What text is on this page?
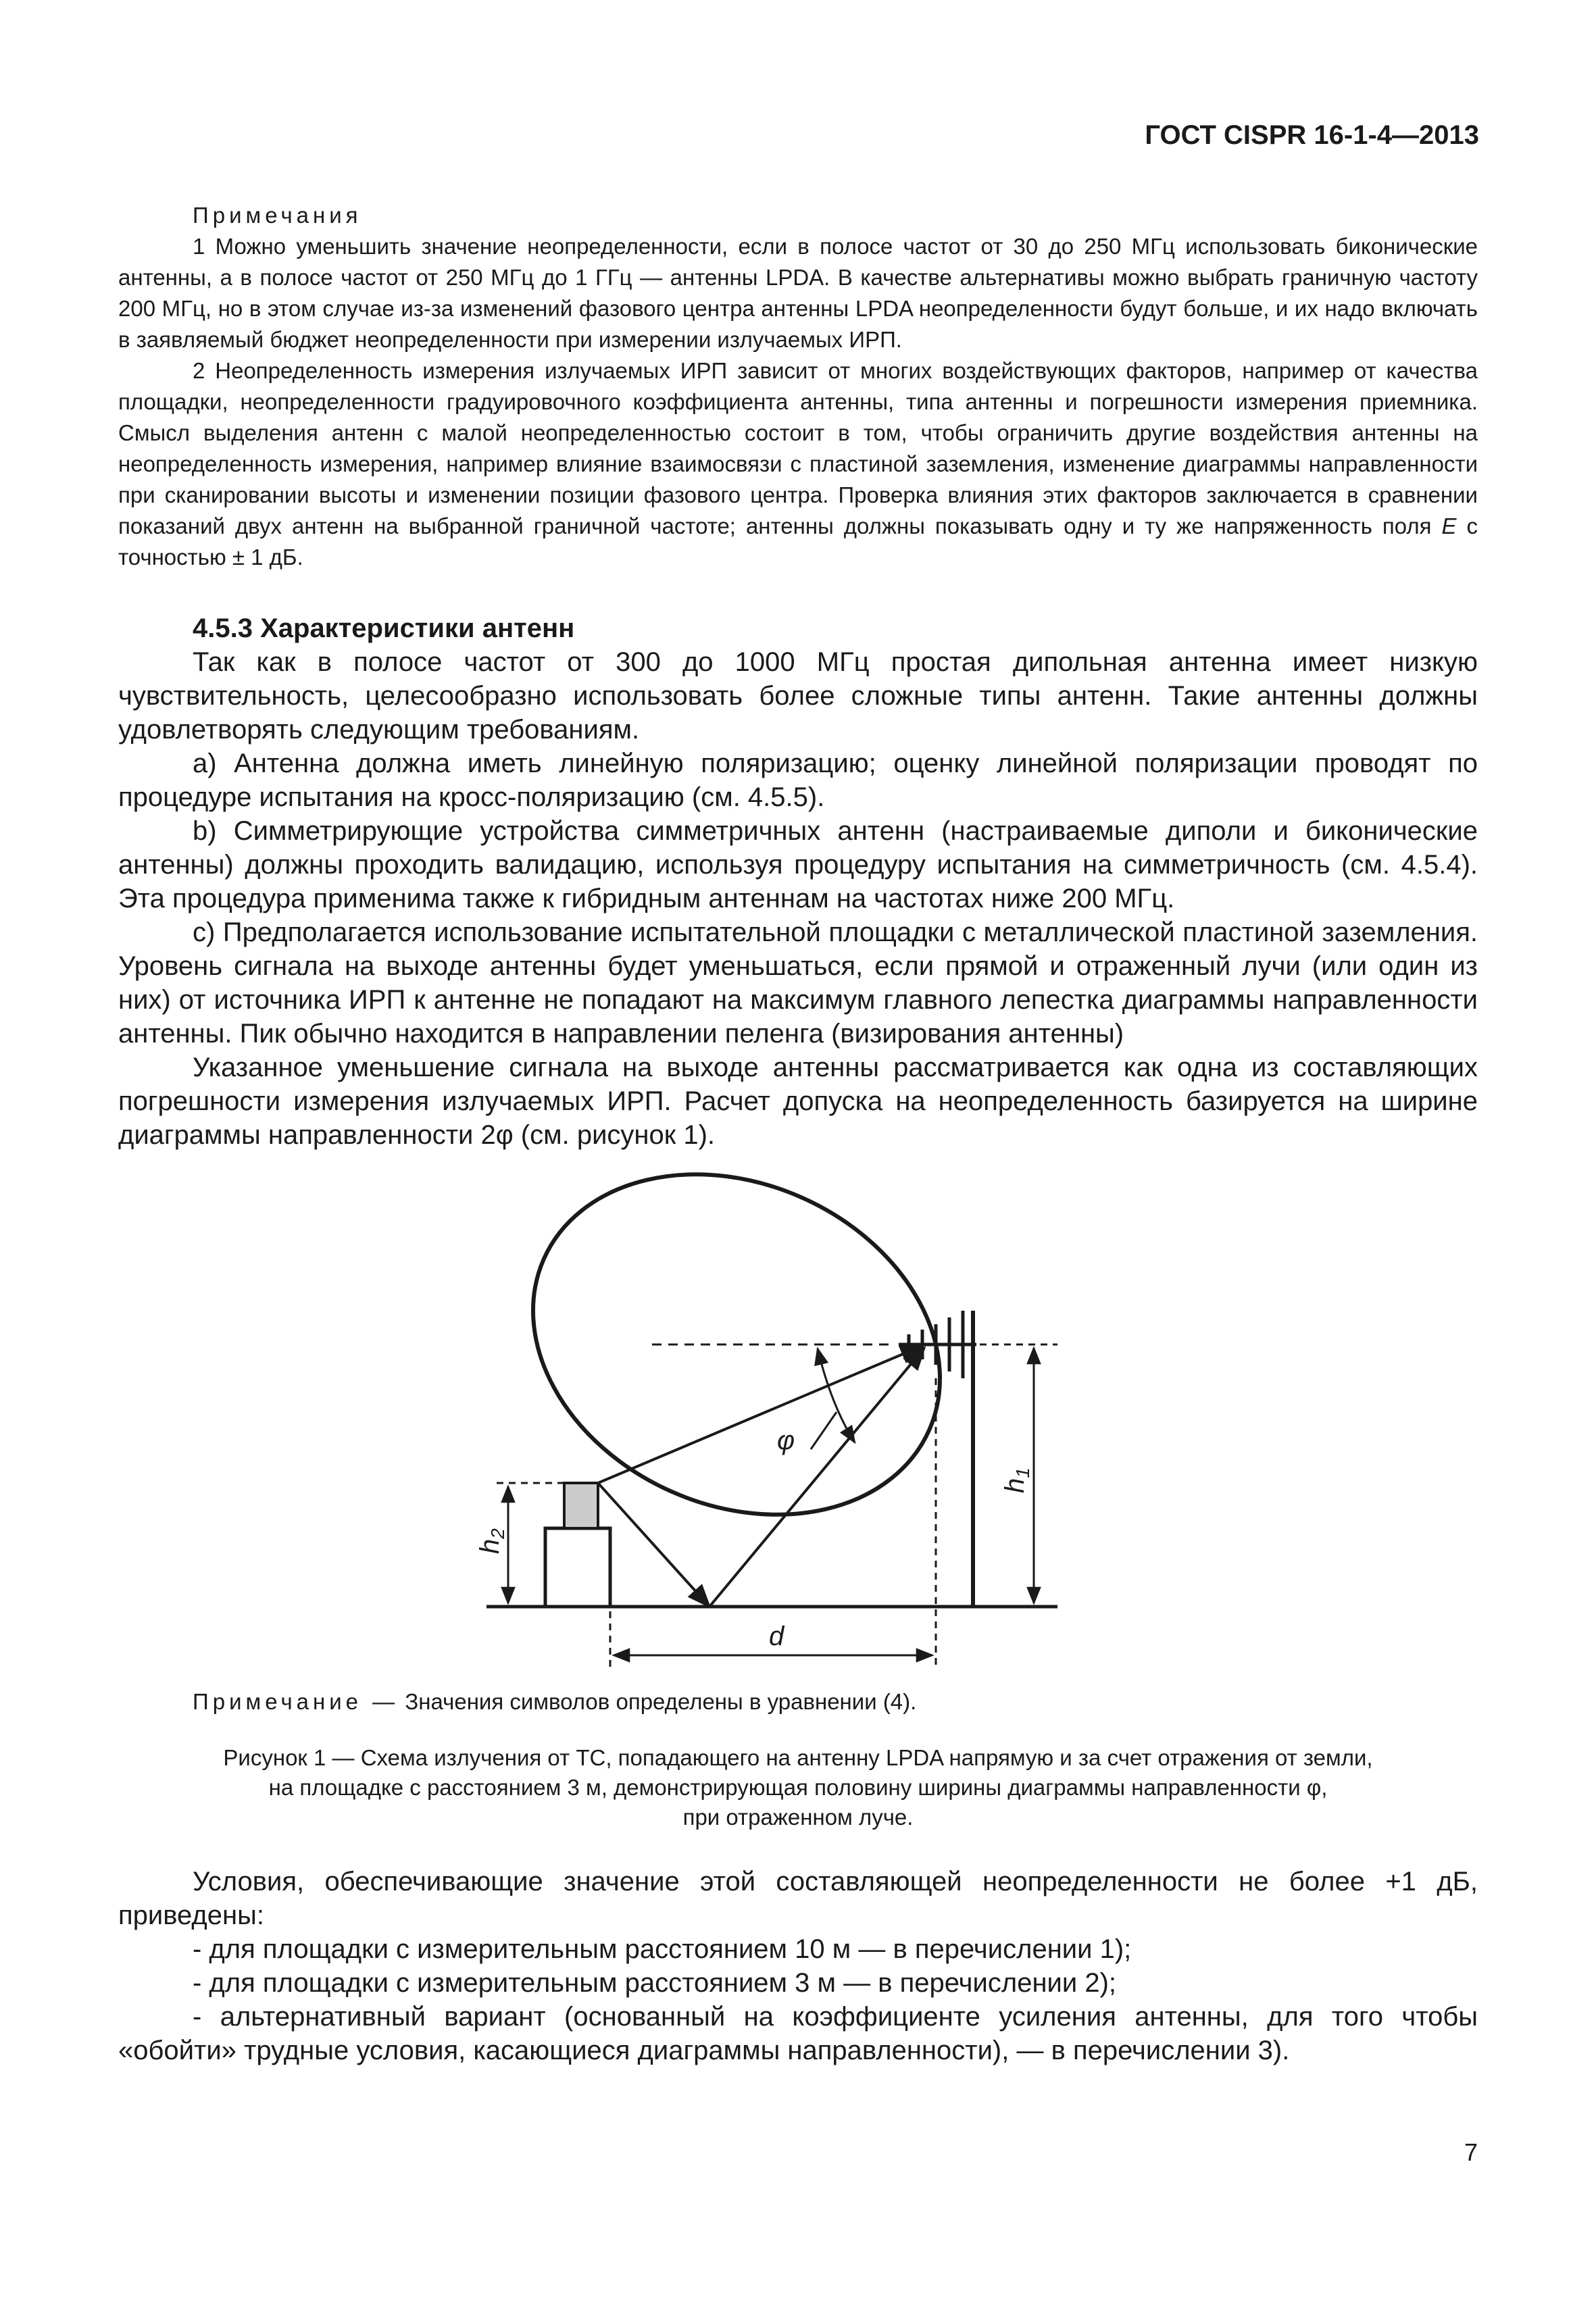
ГОСТ CISPR 16-1-4—2013

Примечания

1 Можно уменьшить значение неопределенности, если в полосе частот от 30 до 250 МГц использовать биконические антенны, а в полосе частот от 250 МГц до 1 ГГц — антенны LPDA. В качестве альтернативы можно выбрать граничную частоту 200 МГц, но в этом случае из-за изменений фазового центра антенны LPDA неопределенности будут больше, и их надо включать в заявляемый бюджет неопределенности при измерении излучаемых ИРП.

2 Неопределенность измерения излучаемых ИРП зависит от многих воздействующих факторов, например от качества площадки, неопределенности градуировочного коэффициента антенны, типа антенны и погрешности измерения приемника. Смысл выделения антенн с малой неопределенностью состоит в том, чтобы ограничить другие воздействия антенны на неопределенность измерения, например влияние взаимосвязи с пластиной заземления, изменение диаграммы направленности при сканировании высоты и изменении позиции фазового центра. Проверка влияния этих факторов заключается в сравнении показаний двух антенн на выбранной граничной частоте; антенны должны показывать одну и ту же напряженность поля E с точностью ± 1 дБ.

4.5.3 Характеристики антенн

Так как в полосе частот от 300 до 1000 МГц простая дипольная антенна имеет низкую чувствительность, целесообразно использовать более сложные типы антенн. Такие антенны должны удовлетворять следующим требованиям.

a) Антенна должна иметь линейную поляризацию; оценку линейной поляризации проводят по процедуре испытания на кросс-поляризацию (см. 4.5.5).

b) Симметрирующие устройства симметричных антенн (настраиваемые диполи и биконические антенны) должны проходить валидацию, используя процедуру испытания на симметричность (см. 4.5.4). Эта процедура применима также к гибридным антеннам на частотах ниже 200 МГц.

c) Предполагается использование испытательной площадки с металлической пластиной заземления. Уровень сигнала на выходе антенны будет уменьшаться, если прямой и отраженный лучи (или один из них) от источника ИРП к антенне не попадают на максимум главного лепестка диаграммы направленности антенны. Пик обычно находится в направлении пеленга (визирования антенны)

Указанное уменьшение сигнала на выходе антенны рассматривается как одна из составляющих погрешности измерения излучаемых ИРП. Расчет допуска на неопределенность базируется на ширине диаграммы направленности 2φ (см. рисунок 1).

φ
d
$h_2$
$h_1$
Примечание — Значения символов определены в уравнении (4).
Рисунок 1 — Схема излучения от ТС, попадающего на антенну LPDA напрямую и за счет отражения от земли,
на площадке с расстоянием 3 м, демонстрирующая половину ширины диаграммы направленности φ,
при отраженном луче.

Условия, обеспечивающие значение этой составляющей неопределенности не более +1 дБ, приведены:

- для площадки с измерительным расстоянием 10 м — в перечислении 1);

- для площадки с измерительным расстоянием 3 м — в перечислении 2);

- альтернативный вариант (основанный на коэффициенте усиления антенны, для того чтобы «обойти» трудные условия, касающиеся диаграммы направленности), — в перечислении 3).

7
